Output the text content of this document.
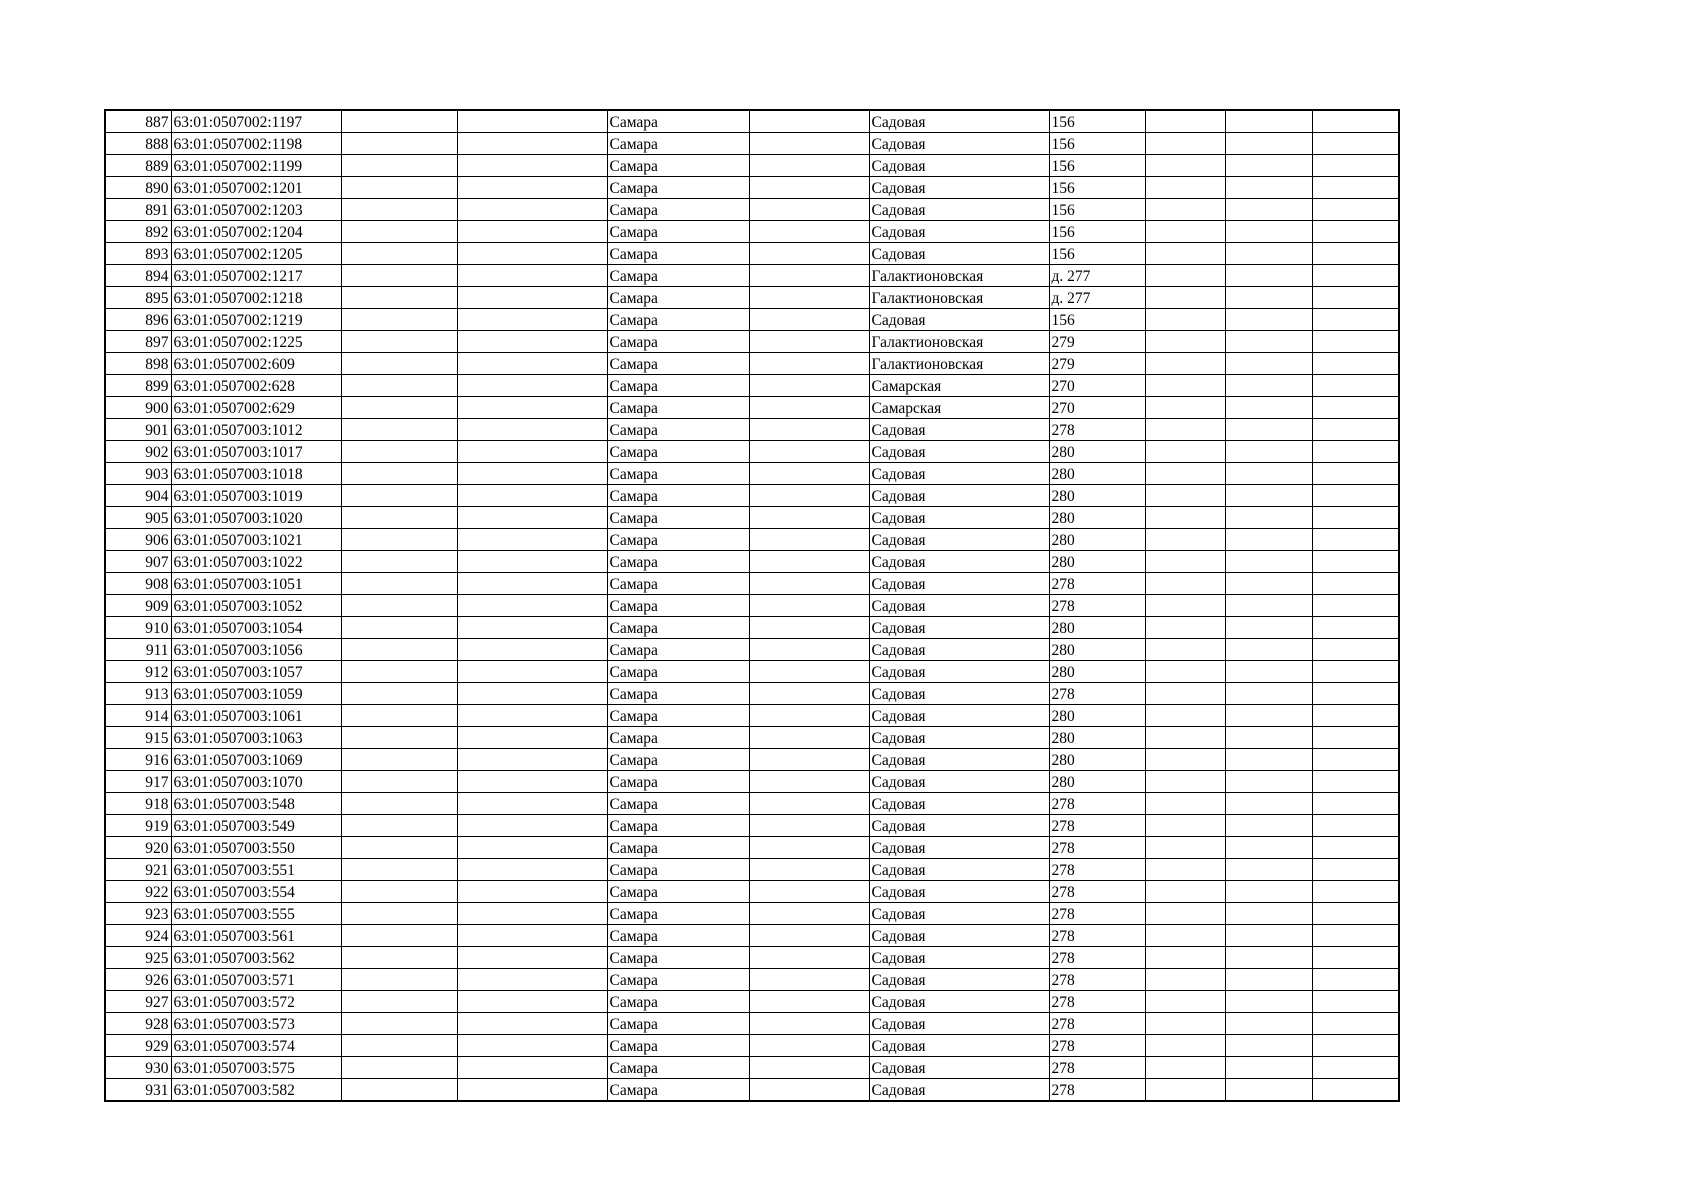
887	63:01:0507002:1197			Самара		Садовая	156			
888	63:01:0507002:1198			Самара		Садовая	156			
889	63:01:0507002:1199			Самара		Садовая	156			
890	63:01:0507002:1201			Самара		Садовая	156			
891	63:01:0507002:1203			Самара		Садовая	156			
892	63:01:0507002:1204			Самара		Садовая	156			
893	63:01:0507002:1205			Самара		Садовая	156			
894	63:01:0507002:1217			Самара		Галактионовская	д. 277			
895	63:01:0507002:1218			Самара		Галактионовская	д. 277			
896	63:01:0507002:1219			Самара		Садовая	156			
897	63:01:0507002:1225			Самара		Галактионовская	279			
898	63:01:0507002:609			Самара		Галактионовская	279			
899	63:01:0507002:628			Самара		Самарская	270			
900	63:01:0507002:629			Самара		Самарская	270			
901	63:01:0507003:1012			Самара		Садовая	278			
902	63:01:0507003:1017			Самара		Садовая	280			
903	63:01:0507003:1018			Самара		Садовая	280			
904	63:01:0507003:1019			Самара		Садовая	280			
905	63:01:0507003:1020			Самара		Садовая	280			
906	63:01:0507003:1021			Самара		Садовая	280			
907	63:01:0507003:1022			Самара		Садовая	280			
908	63:01:0507003:1051			Самара		Садовая	278			
909	63:01:0507003:1052			Самара		Садовая	278			
910	63:01:0507003:1054			Самара		Садовая	280			
911	63:01:0507003:1056			Самара		Садовая	280			
912	63:01:0507003:1057			Самара		Садовая	280			
913	63:01:0507003:1059			Самара		Садовая	278			
914	63:01:0507003:1061			Самара		Садовая	280			
915	63:01:0507003:1063			Самара		Садовая	280			
916	63:01:0507003:1069			Самара		Садовая	280			
917	63:01:0507003:1070			Самара		Садовая	280			
918	63:01:0507003:548			Самара		Садовая	278			
919	63:01:0507003:549			Самара		Садовая	278			
920	63:01:0507003:550			Самара		Садовая	278			
921	63:01:0507003:551			Самара		Садовая	278			
922	63:01:0507003:554			Самара		Садовая	278			
923	63:01:0507003:555			Самара		Садовая	278			
924	63:01:0507003:561			Самара		Садовая	278			
925	63:01:0507003:562			Самара		Садовая	278			
926	63:01:0507003:571			Самара		Садовая	278			
927	63:01:0507003:572			Самара		Садовая	278			
928	63:01:0507003:573			Самара		Садовая	278			
929	63:01:0507003:574			Самара		Садовая	278			
930	63:01:0507003:575			Самара		Садовая	278			
931	63:01:0507003:582			Самара		Садовая	278			
